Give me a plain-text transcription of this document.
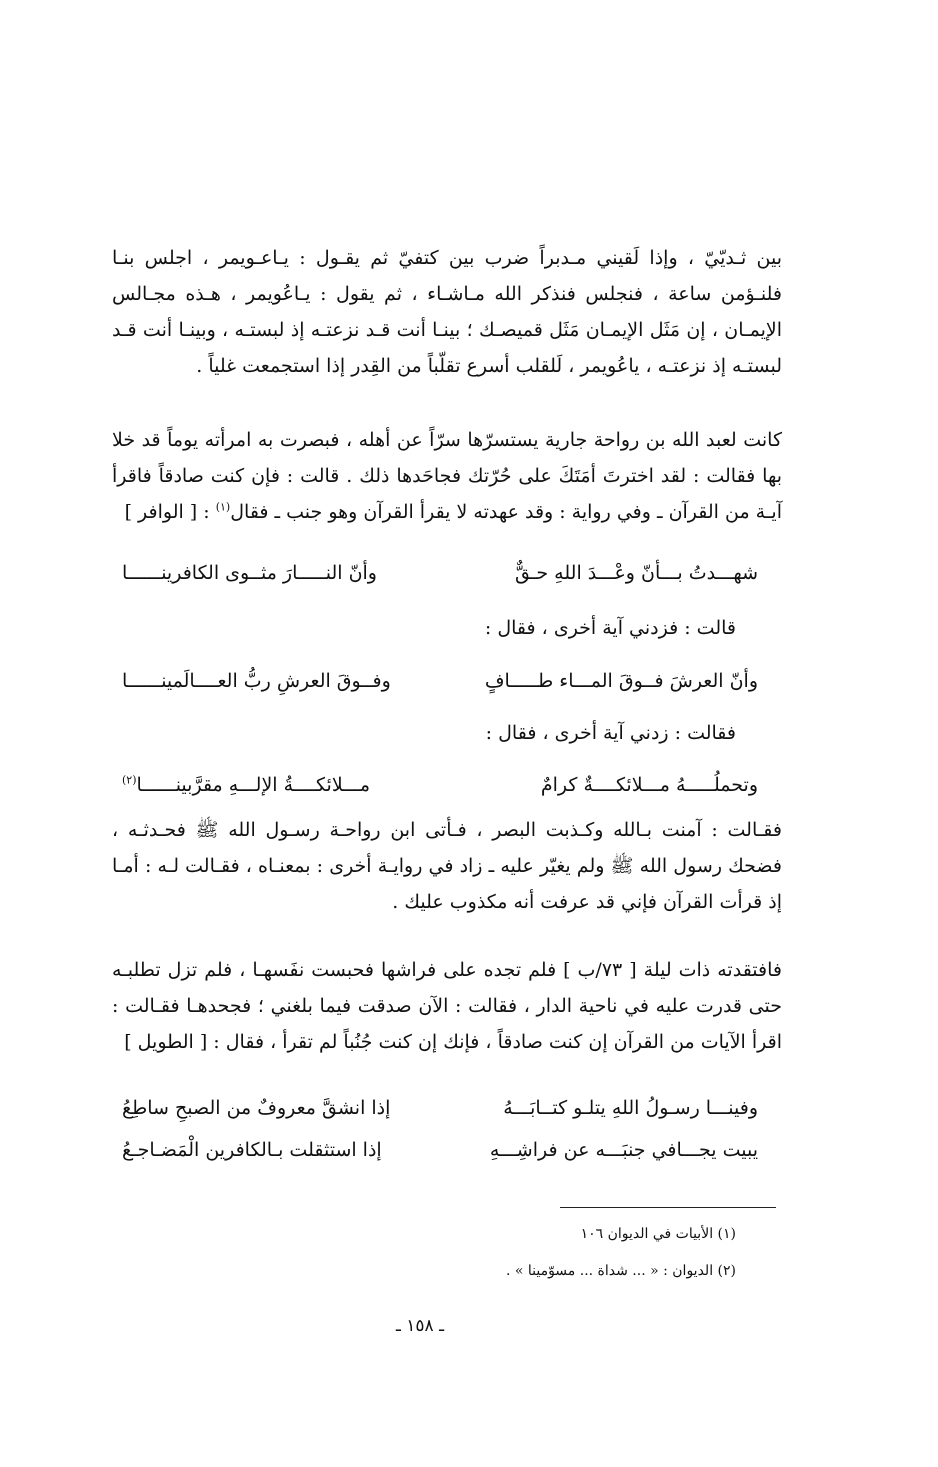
بين ثـديّيّ ، وإذا لَقيني مـدبراً ضرب بين كتفيّ ثم يقـول : يـاعـويمر ، اجلس بنـا فلنـؤمن ساعة ، فنجلس فنذكر الله مـاشـاء ، ثم يقول : يـاعُويمر ، هـذه مجـالس الإيمـان ، إن مَثَل الإيمـان مَثَل قميصـك ؛ بينـا أنت قـد نزعتـه إذ لبستـه ، وبينـا أنت قـد لبستـه إذ نزعتـه ، ياعُويمر ، لَلقلب أسرع تقلّباً من القِدر إذا استجمعت غلياً .
كانت لعبد الله بن رواحة جارية يستسرّها سرّاً عن أهله ، فبصرت به امرأته يوماً قد خلا بها فقالت : لقد اخترتَ أمَتَكَ على حُرّتك فجاحَدها ذلك . قالت : فإن كنت صادقاً فاقرأ آيـة من القرآن ـ وفي رواية : وقد عهدته لا يقرأ القرآن وهو جنب ـ فقال$^{(١)}$ : [ الوافر ]
شهـــدتُ بـــأنّ وعْـــدَ اللهِ حـقٌّ
وأنّ النـــــارَ مثــوى الكافرينــــــا
قالت : فزدني آية أخرى ، فقال :
وأنّ العرشَ فــوقَ المـــاء طـــــافٍ
وفــوقَ العرشِ ربُّ العــــالَمينــــــا
فقالت : زدني آية أخرى ، فقال :
وتحملُـــــهُ مـــلائكــــةٌ كرامٌ
مـــلائكــــةُ الإلـــهِ مقرَّبينــــــا$^{(٢)}$
فقـالت : آمنت بـالله وكـذبت البصر ، فـأتى ابن رواحـة رسـول الله ﷺ فحـدثـه ، فضحك رسول الله ﷺ ولم يغيّر عليه ـ زاد في روايـة أخرى : بمعنـاه ، فقـالت لـه : أمـا إذ قرأت القرآن فإني قد عرفت أنه مكذوب عليك .
فافتقدته ذات ليلة [ ٧٣/ب ] فلم تجده على فراشها فحبست نفَسهـا ، فلم تزل تطلبـه حتى قدرت عليه في ناحية الدار ، فقالت : الآن صدقت فيما بلغني ؛ فجحدهـا فقـالت : اقرأ الآيات من القرآن إن كنت صادقاً ، فإنك إن كنت جُنُباً لم تقرأ ، فقال : [ الطويل ]
وفينـــا رسـولُ اللهِ يتلـو كتــابَـــهُ
إذا انشقَّ معروفٌ من الصبحِ ساطِعُ
يبيت يجـــافي جنبَـــه عن فراشِـــهِ
إذا استثقلت بـالكافرين الْمَضـاجـعُ
(١) الأبيات في الديوان ١٠٦
(٢) الديوان : « ... شداة ... مسوّمينا » .
ـ ١٥٨ ـ
